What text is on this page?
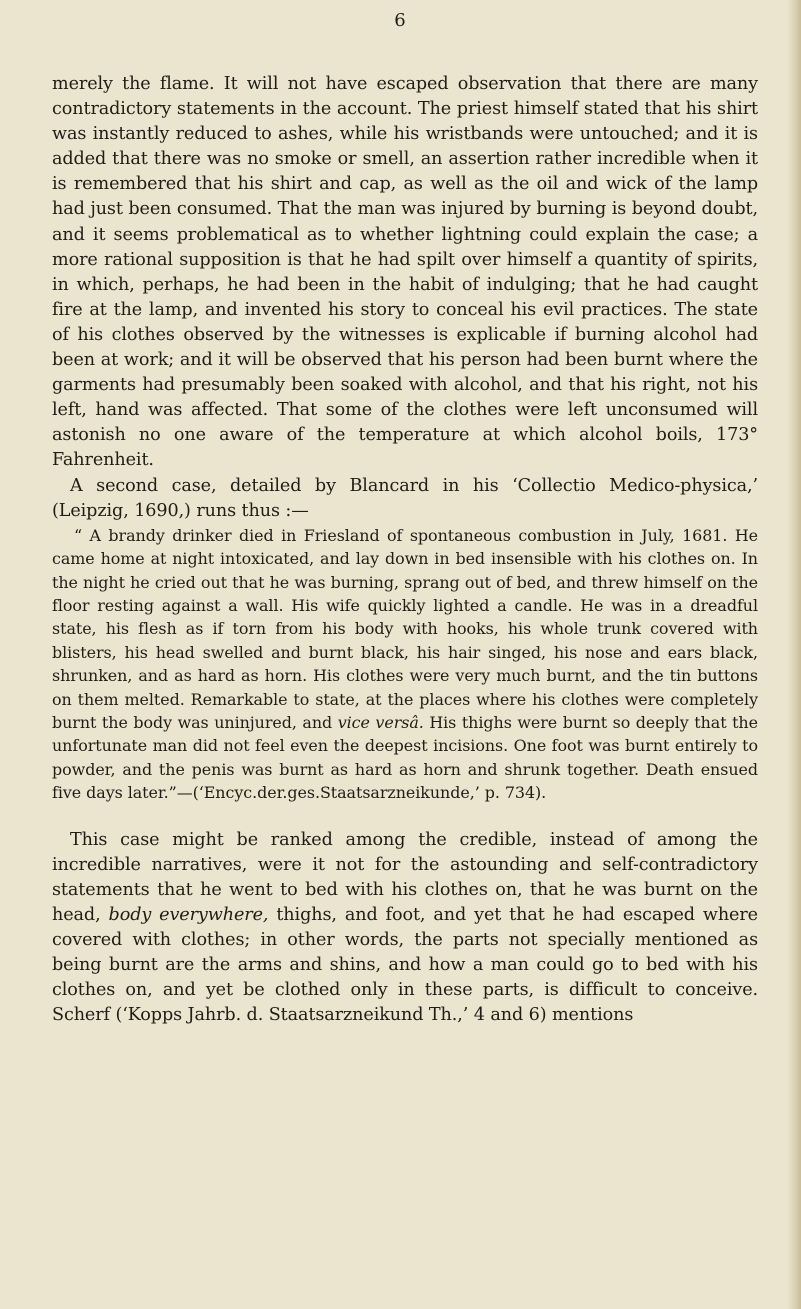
6

merely the flame. It will not have escaped observation that there are many contradictory statements in the account. The priest himself stated that his shirt was instantly reduced to ashes, while his wristbands were untouched; and it is added that there was no smoke or smell, an assertion rather incredible when it is remembered that his shirt and cap, as well as the oil and wick of the lamp had just been consumed. That the man was injured by burning is beyond doubt, and it seems problematical as to whether lightning could explain the case; a more rational supposition is that he had spilt over himself a quantity of spirits, in which, perhaps, he had been in the habit of indulging; that he had caught fire at the lamp, and invented his story to conceal his evil practices. The state of his clothes observed by the witnesses is explicable if burning alcohol had been at work; and it will be observed that his person had been burnt where the garments had presumably been soaked with alcohol, and that his right, not his left, hand was affected. That some of the clothes were left unconsumed will astonish no one aware of the temperature at which alcohol boils, 173° Fahrenheit.

A second case, detailed by Blancard in his ‘Collectio Medico-physica,’ (Leipzig, 1690,) runs thus :—

“ A brandy drinker died in Friesland of spontaneous combustion in July, 1681. He came home at night intoxicated, and lay down in bed insensible with his clothes on. In the night he cried out that he was burning, sprang out of bed, and threw himself on the floor resting against a wall. His wife quickly lighted a candle. He was in a dreadful state, his flesh as if torn from his body with hooks, his whole trunk covered with blisters, his head swelled and burnt black, his hair singed, his nose and ears black, shrunken, and as hard as horn. His clothes were very much burnt, and the tin buttons on them melted. Remarkable to state, at the places where his clothes were completely burnt the body was uninjured, and vice versâ. His thighs were burnt so deeply that the unfortunate man did not feel even the deepest incisions. One foot was burnt entirely to powder, and the penis was burnt as hard as horn and shrunk together. Death ensued five days later.”—(‘Encyc.der.ges.Staatsarzneikunde,’ p. 734).

This case might be ranked among the credible, instead of among the incredible narratives, were it not for the astounding and self-contradictory statements that he went to bed with his clothes on, that he was burnt on the head, body everywhere, thighs, and foot, and yet that he had escaped where covered with clothes; in other words, the parts not specially mentioned as being burnt are the arms and shins, and how a man could go to bed with his clothes on, and yet be clothed only in these parts, is difficult to conceive. Scherf (‘Kopps Jahrb. d. Staatsarzneikund Th.,’ 4 and 6) mentions
